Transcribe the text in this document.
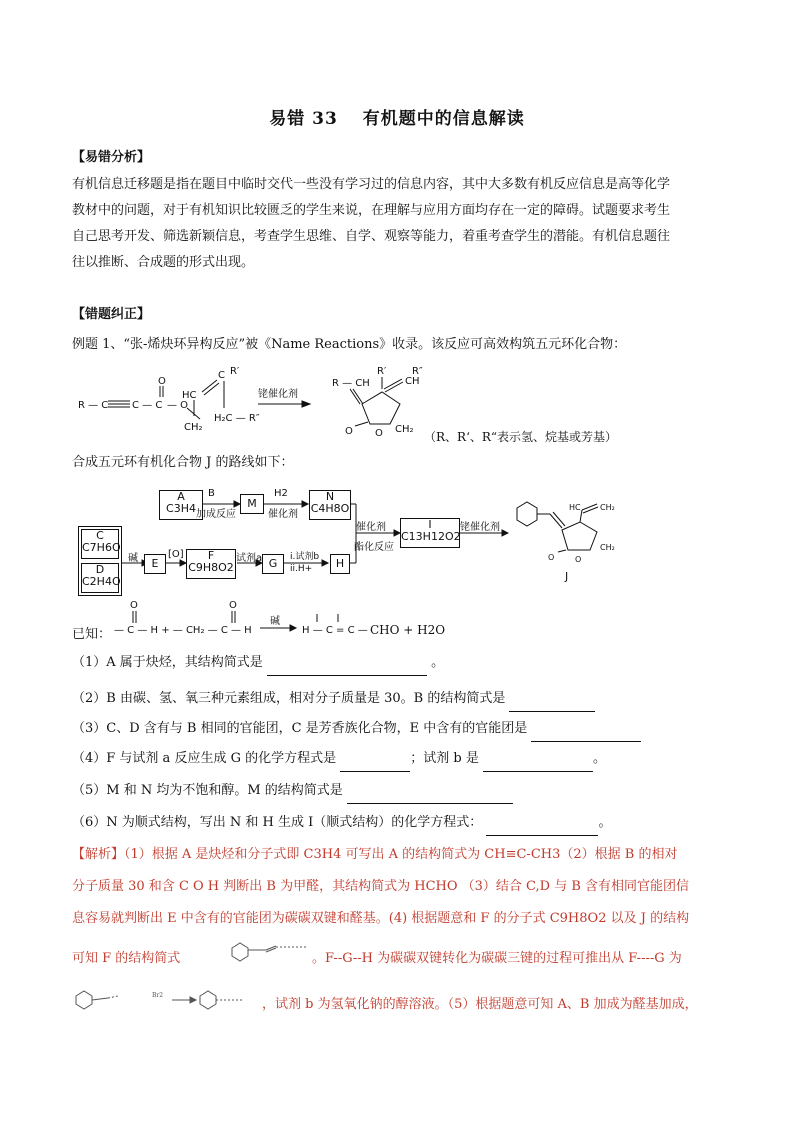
易错 33　 有机题中的信息解读
【易错分析】
有机信息迁移题是指在题目中临时交代一些没有学习过的信息内容，其中大多数有机反应信息是高等化学
教材中的问题，对于有机知识比较匮乏的学生来说，在理解与应用方面均存在一定的障碍。试题要求考生
自己思考开发、筛选新颖信息，考查学生思维、自学、观察等能力，着重考查学生的潜能。有机信息题往
往以推断、合成题的形式出现。
【错题纠正】
例题 1、“张-烯炔环异构反应”被《Name Reactions》收录。该反应可高效构筑五元环化合物：
R — C C — C
O
— O
CH₂
HC
C R′
H₂C — R″
铑催化剂
R — CH
R′	R″
CH
O O CH₂
（R、R‘、R“表示氢、烷基或芳基）
合成五元环有机化合物 J 的路线如下：
HC CH₂
CH₂
O	O
A
C3H4
B
加成反应
M
H2
催化剂
N
C4H8O
C
C7H6O
D
C2H4O
碱	E
[O]	F
C9H8O2
试剂a G	i.试剂b
ii.H+	H
催化剂
酯化反应
I
C13H12O2
铑催化剂
J
已知：
O
— C — H + — CH₂ — C — H
O
H — C = C —
碱
CHO + H2O
（1）A 属于炔烃，其结构简式是	。
（2）B 由碳、氢、氧三种元素组成，相对分子质量是 30。B 的结构简式是
（3）C、D 含有与 B 相同的官能团，C 是芳香族化合物，E 中含有的官能团是
（4）F 与试剂 a 反应生成 G 的化学方程式是	；试剂 b 是	。
（5）M 和 N 均为不饱和醇。M 的结构简式是
（6）N 为顺式结构，写出 N 和 H 生成 I（顺式结构）的化学方程式：	。
【解析】（1）根据 A 是炔烃和分子式即 C3H4 可写出 A 的结构简式为 CH≡C-CH3（2）根据 B 的相对
分子质量 30 和含 C O H 判断出 B 为甲醛，其结构简式为 HCHO （3）结合 C,D 与 B 含有相同官能团信
息容易就判断出 E 中含有的官能团为碳碳双键和醛基。(4) 根据题意和 F 的分子式 C9H8O2 以及 J 的结构
可知 F 的结构简式	。F--G--H 为碳碳双键转化为碳碳三键的过程可推出从 F----G 为
Br2
，试剂 b 为氢氧化钠的醇溶液。（5）根据题意可知 A、B 加成为醛基加成，
